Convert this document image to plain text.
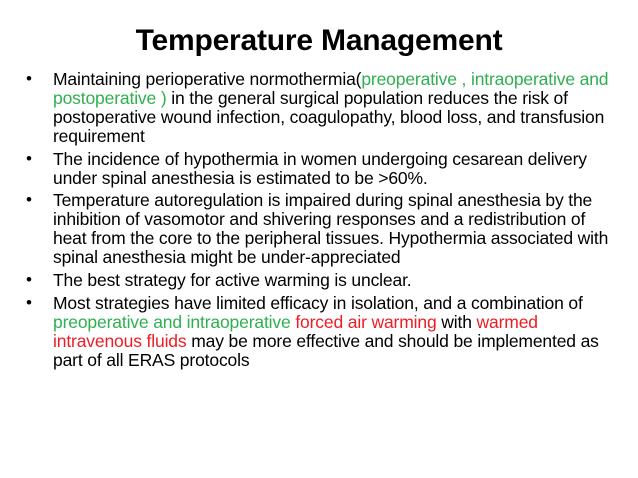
Temperature Management
• Maintaining perioperative normothermia(preoperative , intraoperative and postoperative ) in the general surgical population reduces the risk of postoperative wound infection, coagulopathy, blood loss, and transfusion requirement
• The incidence of hypothermia in women undergoing cesarean delivery under spinal anesthesia is estimated to be >60%.
• Temperature autoregulation is impaired during spinal anesthesia by the inhibition of vasomotor and shivering responses and a redistribution of heat from the core to the peripheral tissues. Hypothermia associated with spinal anesthesia might be under-appreciated
• The best strategy for active warming is unclear.
• Most strategies have limited efficacy in isolation, and a combination of preoperative and intraoperative forced air warming with warmed intravenous fluids may be more effective and should be implemented as part of all ERAS protocols
